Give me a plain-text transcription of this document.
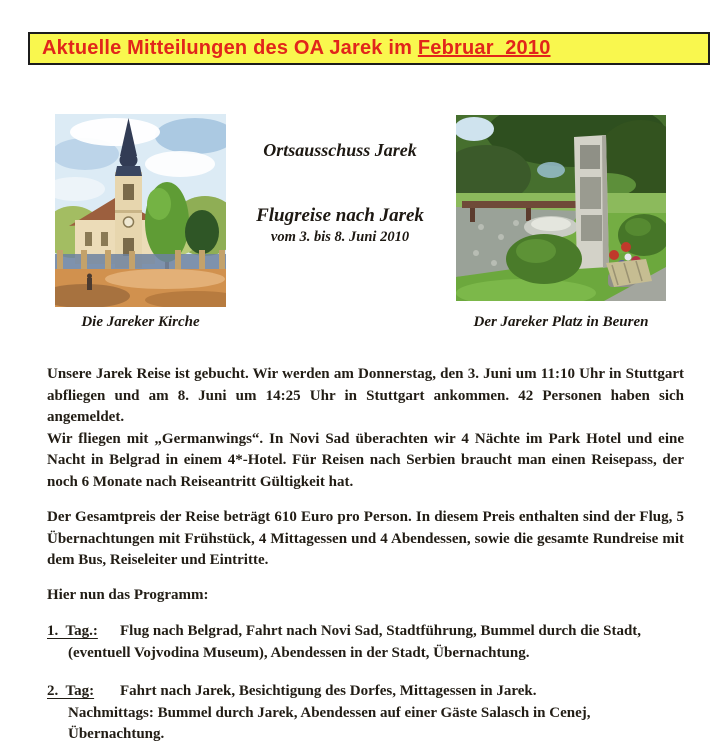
Aktuelle Mitteilungen des OA Jarek im Februar  2010
Die Jareker Kirche
Ortsausschuss Jarek
Flugreise nach Jarek
vom 3. bis 8. Juni 2010
Der Jareker Platz in Beuren

Unsere Jarek Reise ist gebucht. Wir werden am Donnerstag, den 3. Juni um 11:10 Uhr in Stuttgart abfliegen und am 8. Juni um 14:25 Uhr in Stuttgart ankommen. 42 Personen haben sich angemeldet.

Wir fliegen mit „Germanwings“. In Novi Sad überachten wir 4 Nächte im Park Hotel und eine Nacht in Belgrad in einem 4*-Hotel. Für Reisen nach Serbien braucht man einen Reisepass, der noch 6 Monate nach Reiseantritt Gültigkeit hat.

Der Gesamtpreis der Reise beträgt 610 Euro pro Person. In diesem Preis enthalten sind der Flug, 5 Übernachtungen mit Frühstück, 4 Mittagessen und 4 Abendessen, sowie die gesamte Rundreise mit dem Bus, Reiseleiter und Eintritte.

Hier nun das Programm:

1.  Tag.: Flug nach Belgrad, Fahrt nach Novi Sad, Stadtführung, Bummel durch die Stadt,
(eventuell Vojvodina Museum), Abendessen in der Stadt, Übernachtung.
2.  Tag: Fahrt nach Jarek, Besichtigung des Dorfes, Mittagessen in Jarek.
Nachmittags: Bummel durch Jarek, Abendessen auf einer Gäste Salasch in Cenej,
Übernachtung.
